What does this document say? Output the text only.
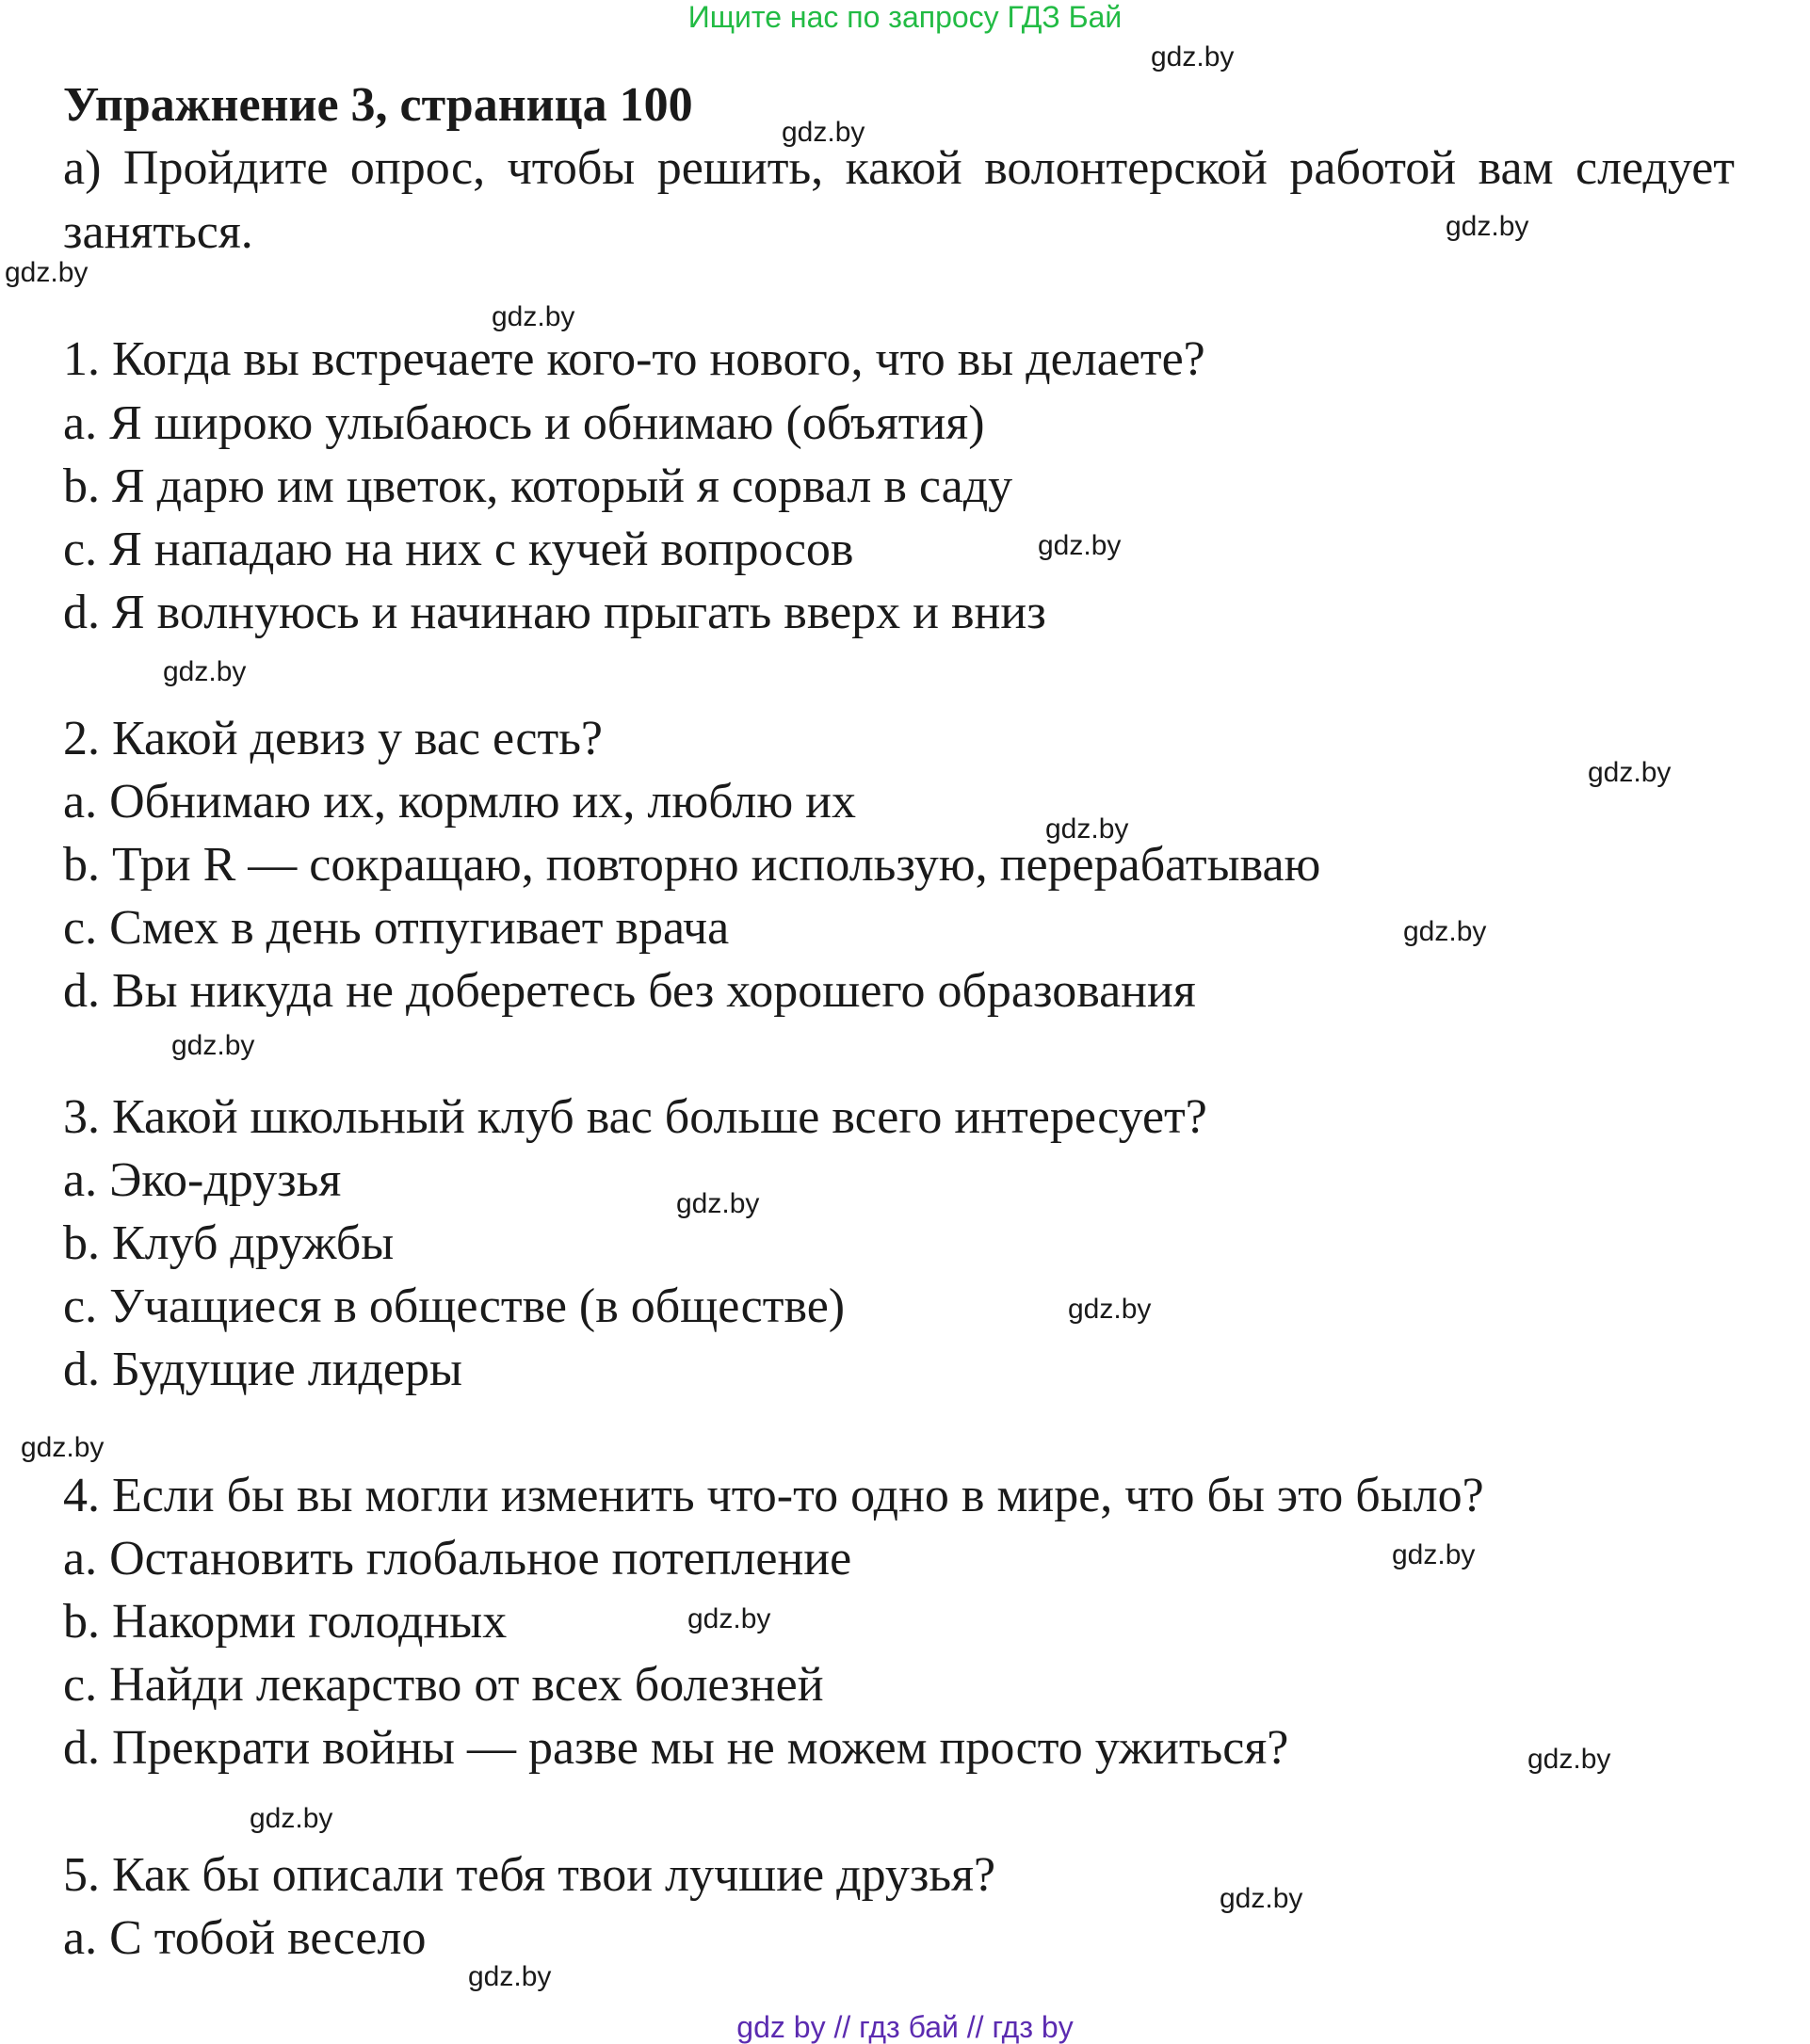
Ищите нас по запросу ГДЗ Бай
Упражнение 3, страница 100

а) Пройдите опрос, чтобы решить, какой волонтерской работой вам следует заняться.

1. Когда вы встречаете кого-то нового, что вы делаете?
a. Я широко улыбаюсь и обнимаю (объятия)
b. Я дарю им цветок, который я сорвал в саду
c. Я нападаю на них с кучей вопросов
d. Я волнуюсь и начинаю прыгать вверх и вниз
2. Какой девиз у вас есть?
a. Обнимаю их, кормлю их, люблю их
b. Три R — сокращаю, повторно использую, перерабатываю
c. Смех в день отпугивает врача
d. Вы никуда не доберетесь без хорошего образования
3. Какой школьный клуб вас больше всего интересует?
a. Эко-друзья
b. Клуб дружбы
c. Учащиеся в обществе (в обществе)
d. Будущие лидеры
4. Если бы вы могли изменить что-то одно в мире, что бы это было?
a. Остановить глобальное потепление
b. Накорми голодных
c. Найди лекарство от всех болезней
d. Прекрати войны — разве мы не можем просто ужиться?
5. Как бы описали тебя твои лучшие друзья?
a. С тобой весело
gdz.by
gdz.by
gdz.by
gdz.by
gdz.by
gdz.by
gdz.by
gdz.by
gdz.by
gdz.by
gdz.by
gdz.by
gdz.by
gdz.by
gdz.by
gdz.by
gdz.by
gdz.by
gdz.by
gdz.by
gdz by // гдз бай // гдз by
